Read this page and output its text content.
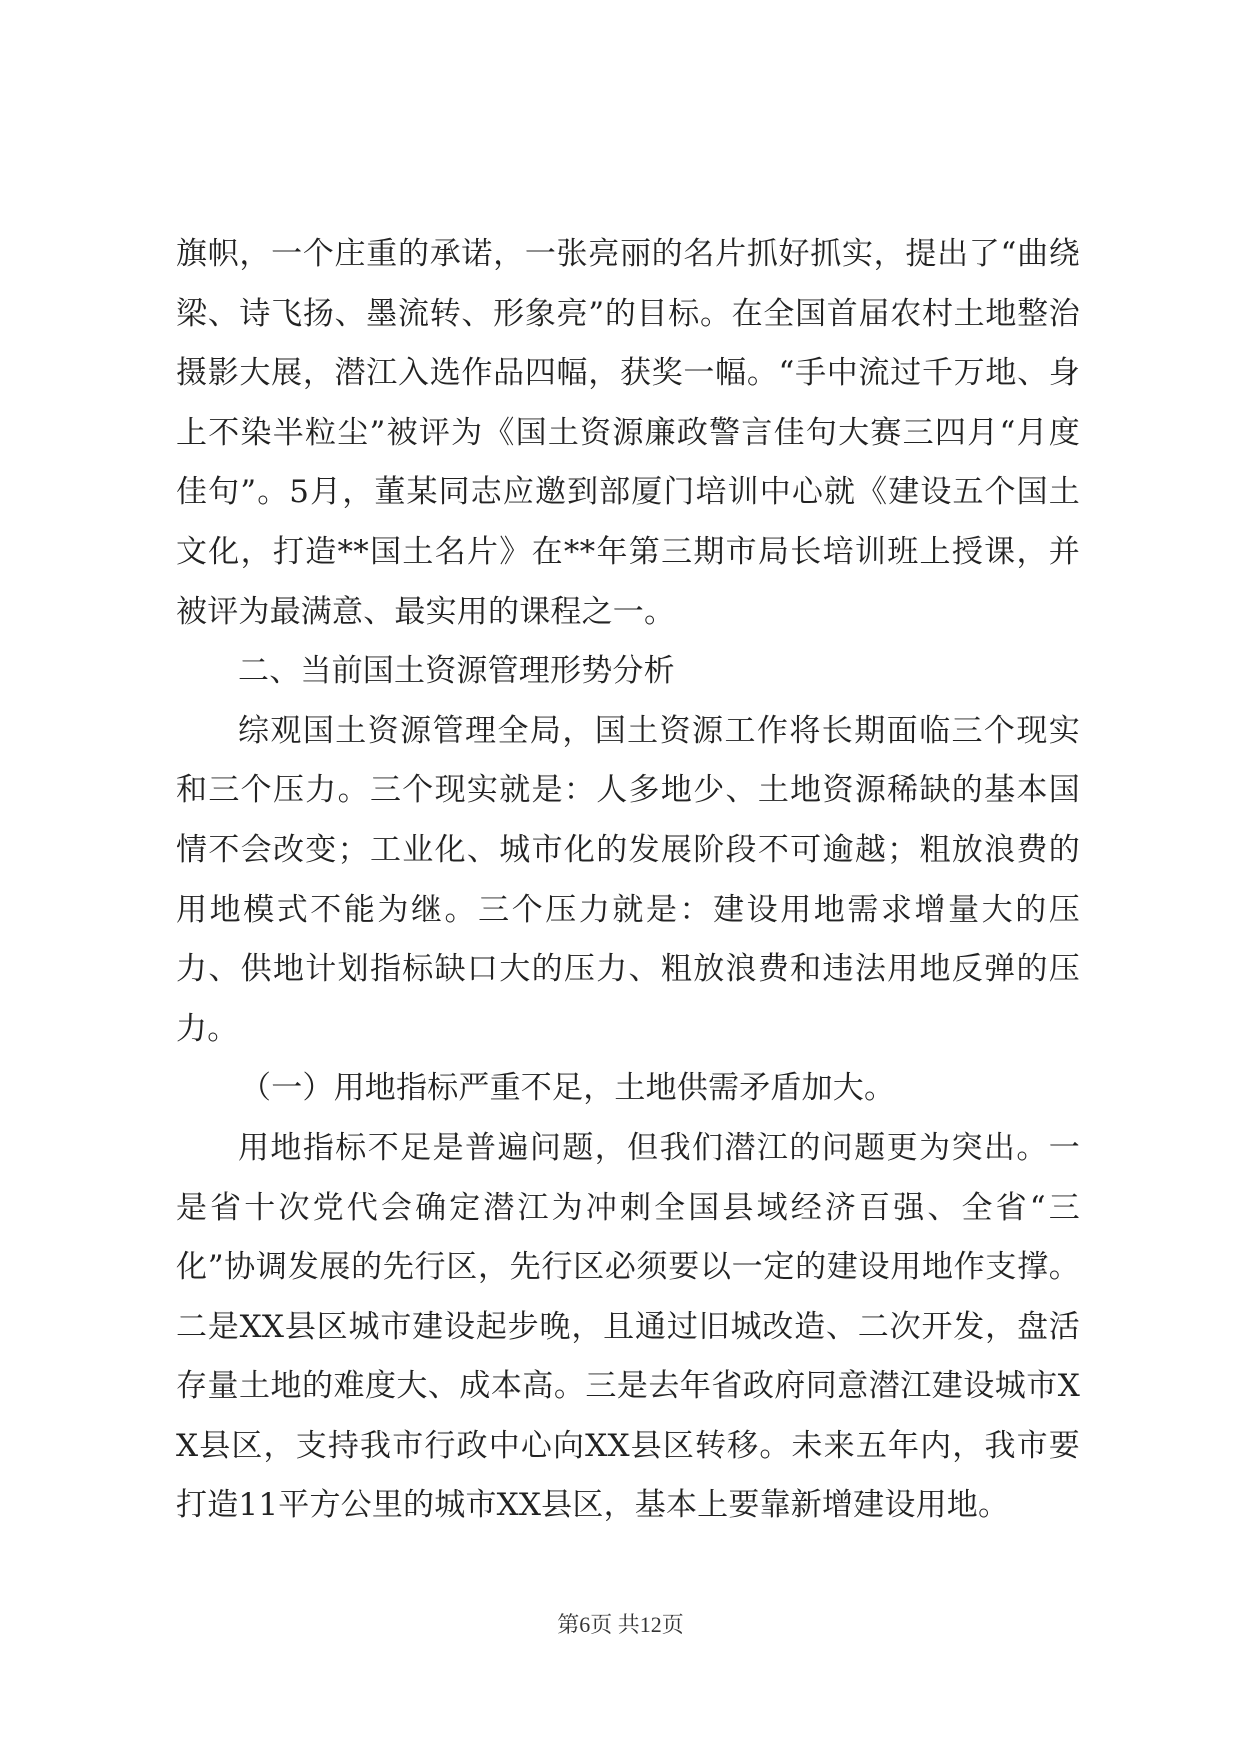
旗帜，一个庄重的承诺，一张亮丽的名片抓好抓实，提出了“曲绕梁、诗飞扬、墨流转、形象亮”的目标。在全国首届农村土地整治摄影大展，潜江入选作品四幅，获奖一幅。“手中流过千万地、身上不染半粒尘”被评为《国土资源廉政警言佳句大赛三四月“月度佳句”。5月，董某同志应邀到部厦门培训中心就《建设五个国土文化，打造**国土名片》在**年第三期市局长培训班上授课，并被评为最满意、最实用的课程之一。

二、当前国土资源管理形势分析

综观国土资源管理全局，国土资源工作将长期面临三个现实和三个压力。三个现实就是：人多地少、土地资源稀缺的基本国情不会改变；工业化、城市化的发展阶段不可逾越；粗放浪费的用地模式不能为继。三个压力就是：建设用地需求增量大的压力、供地计划指标缺口大的压力、粗放浪费和违法用地反弹的压力。

（一）用地指标严重不足，土地供需矛盾加大。

用地指标不足是普遍问题，但我们潜江的问题更为突出。一是省十次党代会确定潜江为冲刺全国县域经济百强、全省“三化”协调发展的先行区，先行区必须要以一定的建设用地作支撑。二是XX县区城市建设起步晚，且通过旧城改造、二次开发，盘活存量土地的难度大、成本高。三是去年省政府同意潜江建设城市XX县区，支持我市行政中心向XX县区转移。未来五年内，我市要打造11平方公里的城市XX县区，基本上要靠新增建设用地。

第6页 共12页
